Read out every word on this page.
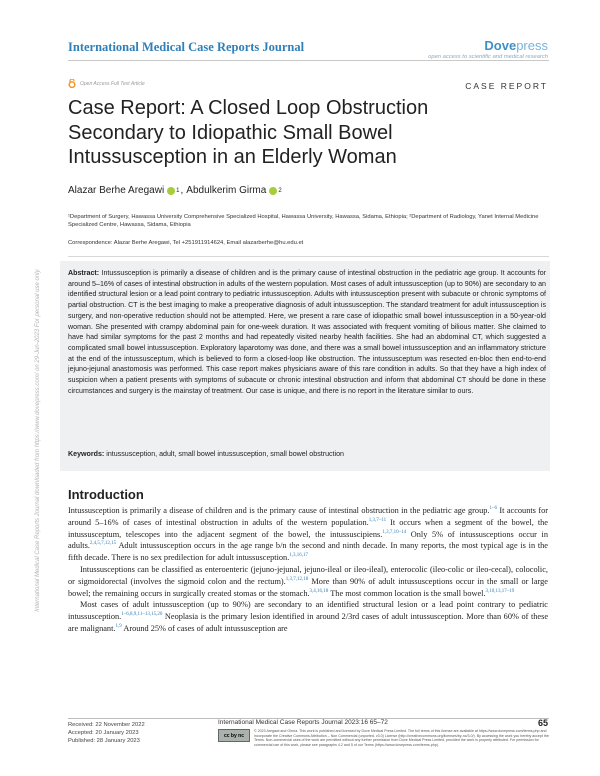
International Medical Case Reports Journal	Dovepress
open access to scientific and medical research
Open Access Full Text Article	CASE REPORT
Case Report: A Closed Loop Obstruction Secondary to Idiopathic Small Bowel Intussusception in an Elderly Woman
Alazar Berhe Aregawi 1 , Abdulkerim Girma 2
¹Department of Surgery, Hawassa University Comprehensive Specialized Hospital, Hawassa University, Hawassa, Sidama, Ethiopia; ²Department of Radiology, Yanet Internal Medicine Specialized Centre, Hawassa, Sidama, Ethiopia
Correspondence: Alazar Berhe Aregawi, Tel +251911914624, Email alazarberhe@hu.edu.et
Abstract: Intussusception is primarily a disease of children and is the primary cause of intestinal obstruction in the pediatric age group. It accounts for around 5–16% of cases of intestinal obstruction in adults of the western population. Most cases of adult intussusception (up to 90%) are secondary to an identified structural lesion or a lead point contrary to pediatric intussusception. Adults with intussusception present with subacute or chronic symptoms of partial obstruction. CT is the best imaging to make a preoperative diagnosis of adult intussusception. The standard treatment for adult intussusception is surgery, and non-operative reduction should not be attempted. Here, we present a rare case of idiopathic small bowel intussusception in a 50-year-old woman. She presented with crampy abdominal pain for one-week duration. It was associated with frequent vomiting of bilious matter. She claimed to have had similar symptoms for the past 2 months and had repeatedly visited nearby health facilities. She had an abdominal CT, which suggested a complicated small bowel intussusception. Exploratory laparotomy was done, and there was a small bowel intussusception and an inflammatory stricture at the end of the intussusceptum, which is believed to form a closed-loop like obstruction. The intussusceptum was resected en-bloc then end-to-end jejuno-jejunal anastomosis was performed. This case report makes physicians aware of this rare condition in adults. So that they have a high index of suspicion when a patient presents with symptoms of subacute or chronic intestinal obstruction and inform that abdominal CT should be done in these circumstances and surgery is the mainstay of treatment. Our case is unique, and there is no report in the literature similar to ours.
Keywords: intussusception, adult, small bowel intussusception, small bowel obstruction
Introduction

Intussusception is primarily a disease of children and is the primary cause of intestinal obstruction in the pediatric age group.$^{1-6}$ It accounts for around 5–16% of cases of intestinal obstruction in adults of the western population.$^{1,3,7-11}$ It occurs when a segment of the bowel, the intussusceptum, telescopes into the adjacent segment of the bowel, the intussuscipiens.$^{1,3,7,10-14}$ Only 5% of intussusceptions occur in adults.$^{2,4,5,7,12,15}$ Adult intussusception occurs in the age range b/n the second and ninth decade. In many reports, the most typical age is in the fifth decade. There is no sex predilection for adult intussusception.$^{1,3,16,17}$

Intussusceptions can be classified as enteroenteric (jejuno-jejunal, jejuno-ileal or ileo-ileal), enterocolic (ileo-colic or ileo-cecal), colocolic, or sigmoidorectal (involves the sigmoid colon and the rectum).$^{1,3,7,12,18}$ More than 90% of adult intussusceptions occur in the small or large bowel; the remaining occurs in surgically created stomas or the stomach.$^{3,4,16,18}$ The most common location is the small bowel.$^{3,10,13,17-19}$

Most cases of adult intussusception (up to 90%) are secondary to an identified structural lesion or a lead point contrary to pediatric intussusception.$^{1-6,8,9,11-13,15,20}$ Neoplasia is the primary lesion identified in around 2/3rd cases of adult intussusception. More than 60% of these are malignant.$^{1,9}$ Around 25% of cases of adult intussusception are

International Medical Case Reports Journal downloaded from https://www.dovepress.com/ on 29-Jun-2023 For personal use only.
Received: 22 November 2022
Accepted: 20 January 2023
Published: 28 January 2023
International Medical Case Reports Journal 2023:16 65–72	65
cc by nc
© 2023 Aregawi and Girma. This work is published and licensed by Dove Medical Press Limited. The full terms of this license are available at https://www.dovepress.com/terms.php and incorporate the Creative Commons Attribution – Non Commercial (unported, v3.0) License (http://creativecommons.org/licenses/by-nc/3.0/). By accessing the work you hereby accept the Terms. Non-commercial uses of the work are permitted without any further permission from Dove Medical Press Limited, provided the work is properly attributed. For permission for commercial use of this work, please see paragraphs 4.2 and 5 of our Terms (https://www.dovepress.com/terms.php).
